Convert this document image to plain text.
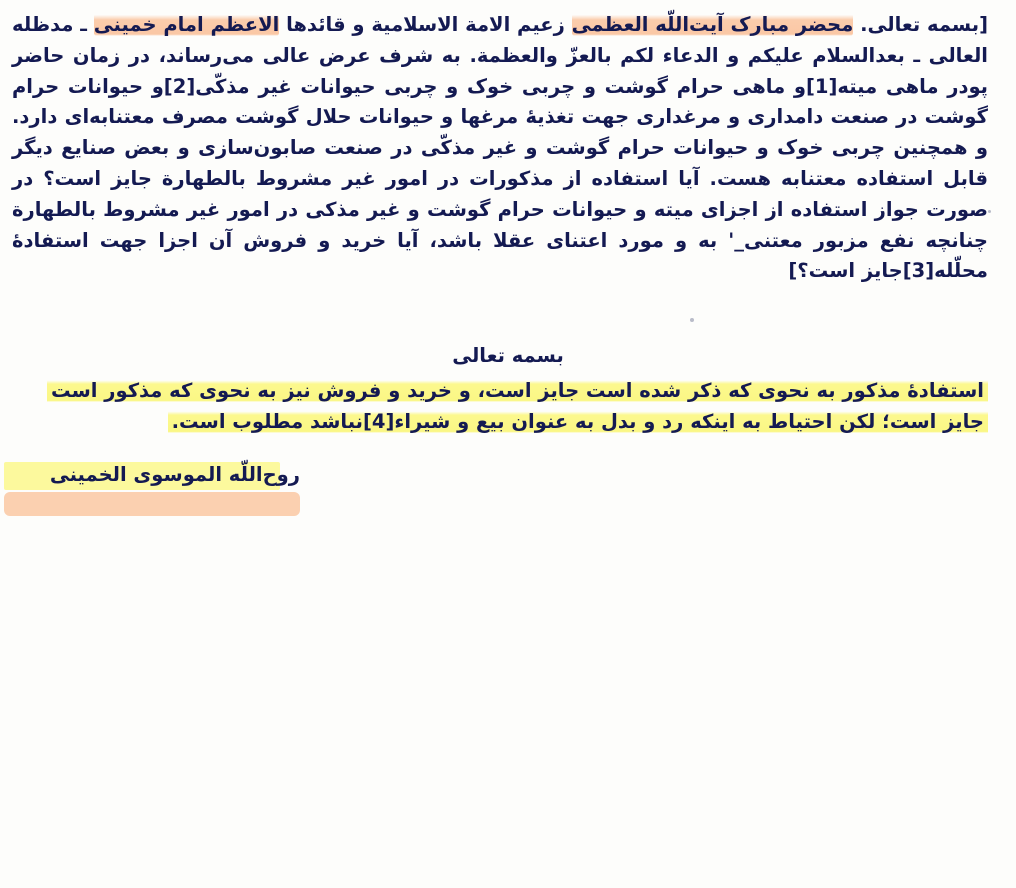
[بسمه تعالی. محضر مبارک آیت‌اللّه العظمی زعیم الامة الاسلامیة و قائدها الاعظم امام خمینی ـ مدظله العالی ـ بعدالسلام علیکم و الدعاء لکم بالعزّ والعظمة. به شرف عرض عالی می‌رساند، در زمان حاضر پودر ماهی میته[1]و ماهی حرام گوشت و چربی خوک و چربی حیوانات غیر مذکّی[2]و حیوانات حرام گوشت در صنعت دامداری و مرغداری جهت تغذیهٔ مرغها و حیوانات حلال گوشت مصرف معتنابه‌ای دارد. و همچنین چربی خوک و حیوانات حرام گوشت و غیر مذکّی در صنعت صابون‌سازی و بعض صنایع دیگر قابل استفاده معتنابه هست. آیا استفاده از مذکورات در امور غیر مشروط بالطهارة جایز است؟ در صورت جواز استفاده از اجزای میته و حیوانات حرام گوشت و غیر مذکی در امور غیر مشروط بالطهارة چنانچه نفع مزبور معتنی_' به و مورد اعتنای عقلا باشد، آیا خرید و فروش آن اجزا جهت استفادهٔ محلّله[3]جایز است؟]
بسمه تعالی
استفادهٔ مذکور به نحوی که ذکر شده است جایز است، و خرید و فروش نیز به نحوی که مذکور است جایز است؛ لکن احتیاط به اینکه رد و بدل به عنوان بیع و شیراء[4]نباشد مطلوب است.
روح‌اللّه الموسوی الخمینی
